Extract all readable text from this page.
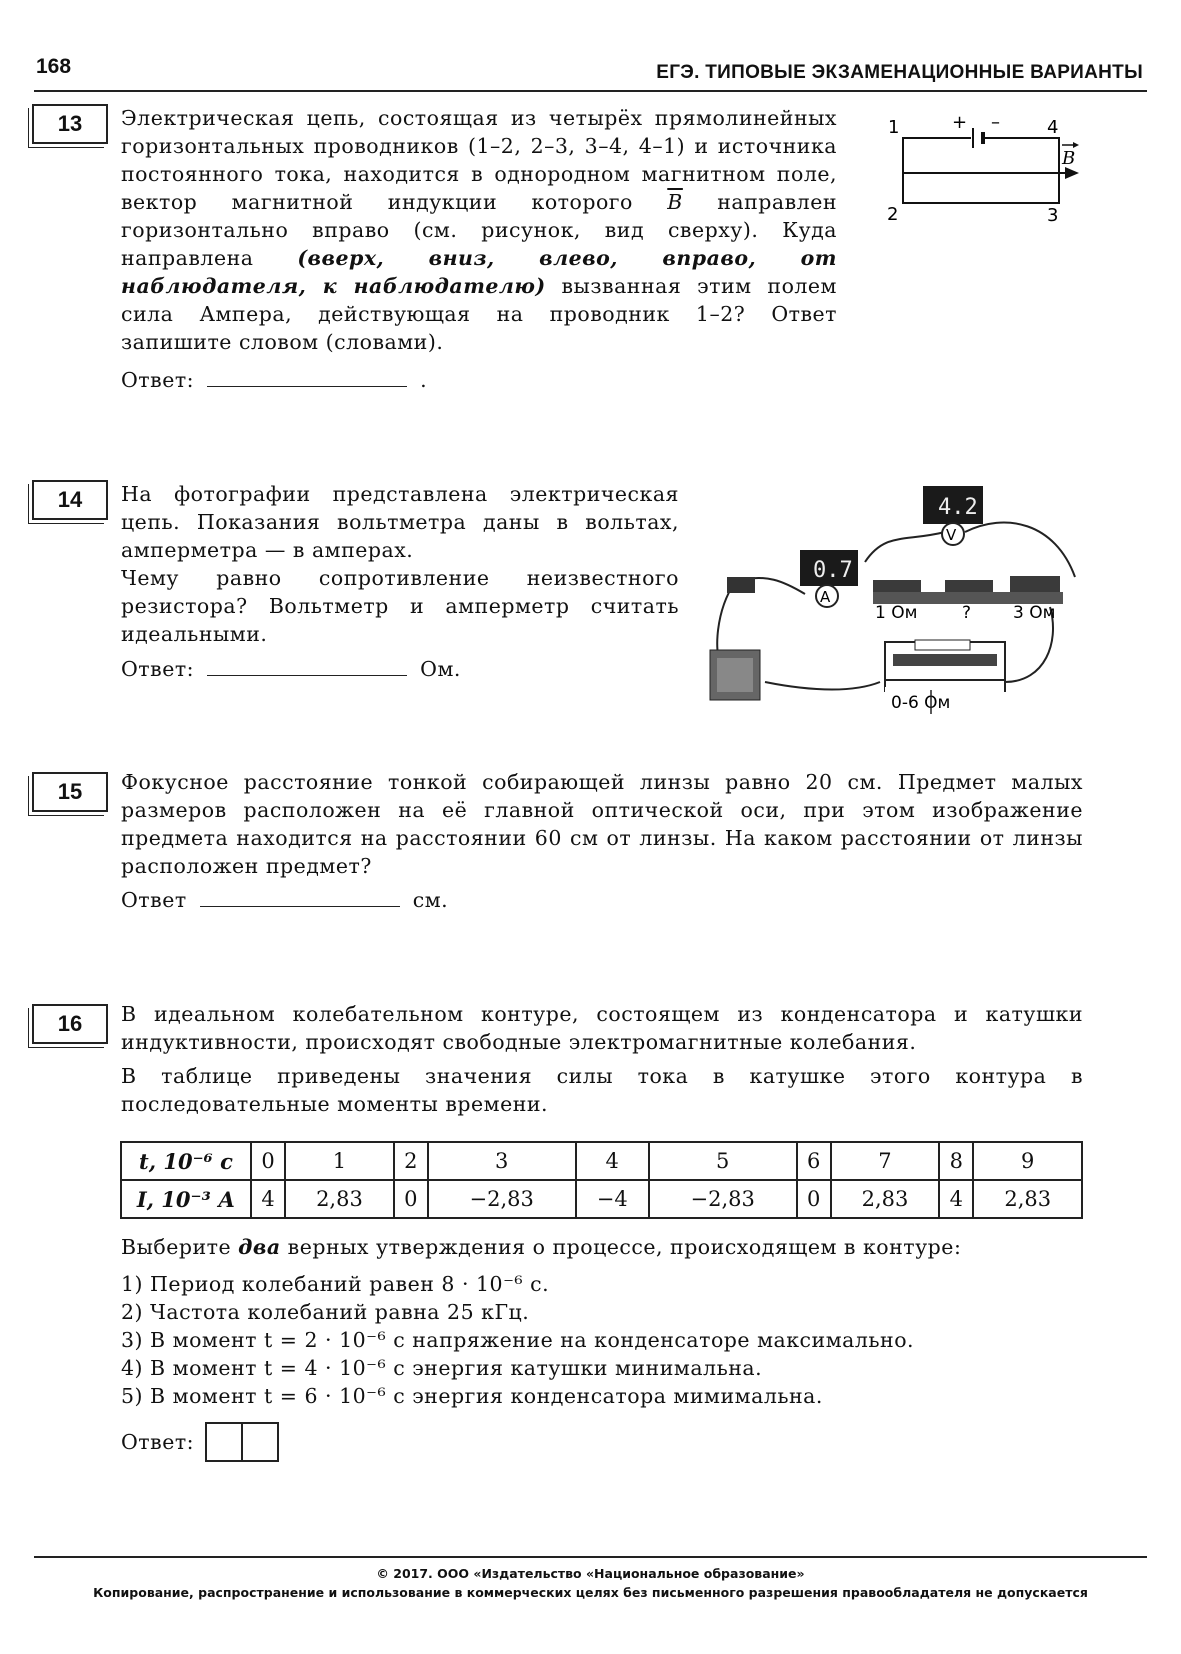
168	ЕГЭ. ТИПОВЫЕ ЭКЗАМЕНАЦИОННЫЕ ВАРИАНТЫ
13	Электрическая цепь, состоящая из четырёх прямолинейных горизонтальных проводников (1–2, 2–3, 3–4, 4–1) и источника постоянного тока, находится в однородном магнитном поле, вектор магнитной индукции которого $\overline{B}$ направлен горизонтально вправо (см. рисунок, вид сверху). Куда направлена (вверх, вниз, влево, вправо, от наблюдателя, к наблюдателю) вызванная этим полем сила Ампера, действующая на проводник 1–2? Ответ запишите словом (словами).
Ответ:	.
1	4
2	3
+ –
B
14	На фотографии представлена электрическая цепь. Показания вольтметра даны в вольтах, амперметра — в амперах.

Чему равно сопротивление неизвестного резистора? Вольтметр и амперметр считать идеальными.

Ответ:	Ом.
4.2
V
0.7
A
1 Ом	? 3 Ом
0-6 Ом
15	Фокусное расстояние тонкой собирающей линзы равно 20 см. Предмет малых размеров расположен на её главной оптической оси, при этом изображение предмета находится на расстоянии 60 см от линзы. На каком расстоянии от линзы расположен предмет?
Ответ	см.
16	В идеальном колебательном контуре, состоящем из конденсатора и катушки индуктивности, происходят свободные электромагнитные колебания.

В таблице приведены значения силы тока в катушке этого контура в последовательные моменты времени.

t, 10⁻⁶ с	0	1	2	3	4	5	6	7	8	9
I, 10⁻³ А	4	2,83	0	−2,83	−4	−2,83	0	2,83	4	2,83
Выберите два верных утверждения о процессе, происходящем в контуре:
1) Период колебаний равен 8 · 10⁻⁶ с.
2) Частота колебаний равна 25 кГц.
3) В момент t = 2 · 10⁻⁶ с напряжение на конденсаторе максимально.
4) В момент t = 4 · 10⁻⁶ с энергия катушки минимальна.
5) В момент t = 6 · 10⁻⁶ с энергия конденсатора мимимальна.
Ответ:
© 2017. ООО «Издательство «Национальное образование»
Копирование, распространение и использование в коммерческих целях без письменного разрешения правообладателя не допускается
